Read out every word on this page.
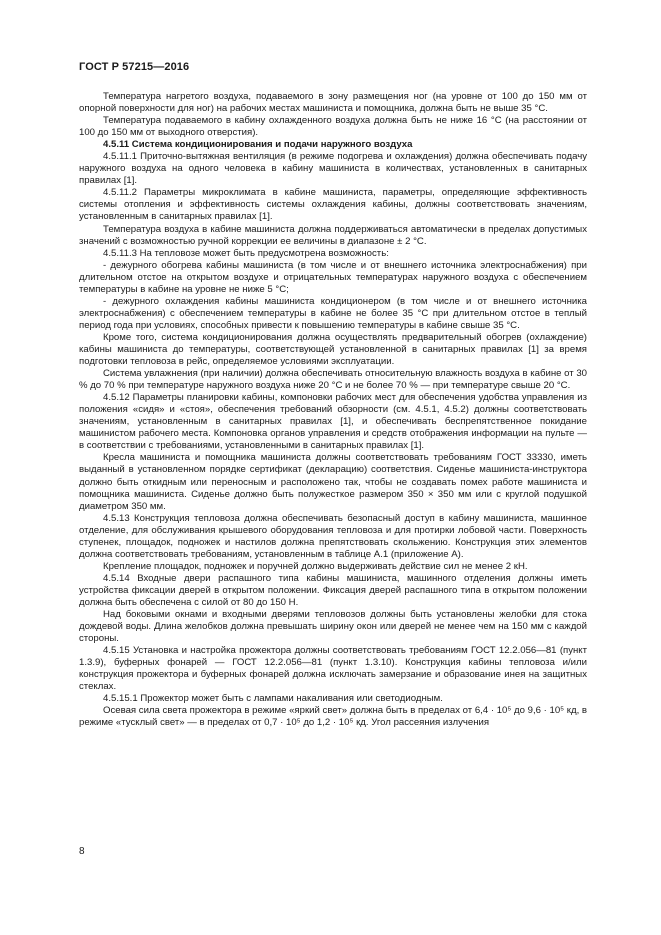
ГОСТ Р 57215—2016

Температура нагретого воздуха, подаваемого в зону размещения ног (на уровне от 100 до 150 мм от опорной поверхности для ног) на рабочих местах машиниста и помощника, должна быть не выше 35 °С.

Температура подаваемого в кабину охлажденного воздуха должна быть не ниже 16 °С (на расстоянии от 100 до 150 мм от выходного отверстия).

4.5.11 Система кондиционирования и подачи наружного воздуха

4.5.11.1 Приточно-вытяжная вентиляция (в режиме подогрева и охлаждения) должна обеспечивать подачу наружного воздуха на одного человека в кабину машиниста в количествах, установленных в санитарных правилах [1].

4.5.11.2 Параметры микроклимата в кабине машиниста, параметры, определяющие эффективность системы отопления и эффективность системы охлаждения кабины, должны соответствовать значениям, установленным в санитарных правилах [1].

Температура воздуха в кабине машиниста должна поддерживаться автоматически в пределах допустимых значений с возможностью ручной коррекции ее величины в диапазоне ± 2 °С.

4.5.11.3 На тепловозе может быть предусмотрена возможность:

- дежурного обогрева кабины машиниста (в том числе и от внешнего источника электроснабжения) при длительном отстое на открытом воздухе и отрицательных температурах наружного воздуха с обеспечением температуры в кабине на уровне не ниже 5 °С;

- дежурного охлаждения кабины машиниста кондиционером (в том числе и от внешнего источника электроснабжения) с обеспечением температуры в кабине не более 35 °С при длительном отстое в теплый период года при условиях, способных привести к повышению температуры в кабине свыше 35 °С.

Кроме того, система кондиционирования должна осуществлять предварительный обогрев (охлаждение) кабины машиниста до температуры, соответствующей установленной в санитарных правилах [1] за время подготовки тепловоза в рейс, определяемое условиями эксплуатации.

Система увлажнения (при наличии) должна обеспечивать относительную влажность воздуха в кабине от 30 % до 70 % при температуре наружного воздуха ниже 20 °С и не более 70 % — при температуре свыше 20 °С.

4.5.12 Параметры планировки кабины, компоновки рабочих мест для обеспечения удобства управления из положения «сидя» и «стоя», обеспечения требований обзорности (см. 4.5.1, 4.5.2) должны соответствовать значениям, установленным в санитарных правилах [1], и обеспечивать беспрепятственное покидание машинистом рабочего места. Компоновка органов управления и средств отображения информации на пульте — в соответствии с требованиями, установленными в санитарных правилах [1].

Кресла машиниста и помощника машиниста должны соответствовать требованиям ГОСТ 33330, иметь выданный в установленном порядке сертификат (декларацию) соответствия. Сиденье машиниста-инструктора должно быть откидным или переносным и расположено так, чтобы не создавать помех работе машиниста и помощника машиниста. Сиденье должно быть полужесткое размером 350 × 350 мм или с круглой подушкой диаметром 350 мм.

4.5.13 Конструкция тепловоза должна обеспечивать безопасный доступ в кабину машиниста, машинное отделение, для обслуживания крышевого оборудования тепловоза и для протирки лобовой части. Поверхность ступенек, площадок, подножек и настилов должна препятствовать скольжению. Конструкция этих элементов должна соответствовать требованиям, установленным в таблице А.1 (приложение А).

Крепление площадок, подножек и поручней должно выдерживать действие сил не менее 2 кН.

4.5.14 Входные двери распашного типа кабины машиниста, машинного отделения должны иметь устройства фиксации дверей в открытом положении. Фиксация дверей распашного типа в открытом положении должна быть обеспечена с силой от 80 до 150 Н.

Над боковыми окнами и входными дверями тепловозов должны быть установлены желобки для стока дождевой воды. Длина желобков должна превышать ширину окон или дверей не менее чем на 150 мм с каждой стороны.

4.5.15 Установка и настройка прожектора должны соответствовать требованиям ГОСТ 12.2.056—81 (пункт 1.3.9), буферных фонарей — ГОСТ 12.2.056—81 (пункт 1.3.10). Конструкция кабины тепловоза и/или конструкция прожектора и буферных фонарей должна исключать замерзание и образование инея на защитных стеклах.

4.5.15.1 Прожектор может быть с лампами накаливания или светодиодным.

Осевая сила света прожектора в режиме «яркий свет» должна быть в пределах от 6,4 · 10⁵ до 9,6 · 10⁵ кд, в режиме «тусклый свет» — в пределах от 0,7 · 10⁵ до 1,2 · 10⁵ кд. Угол рассеяния излучения

8
